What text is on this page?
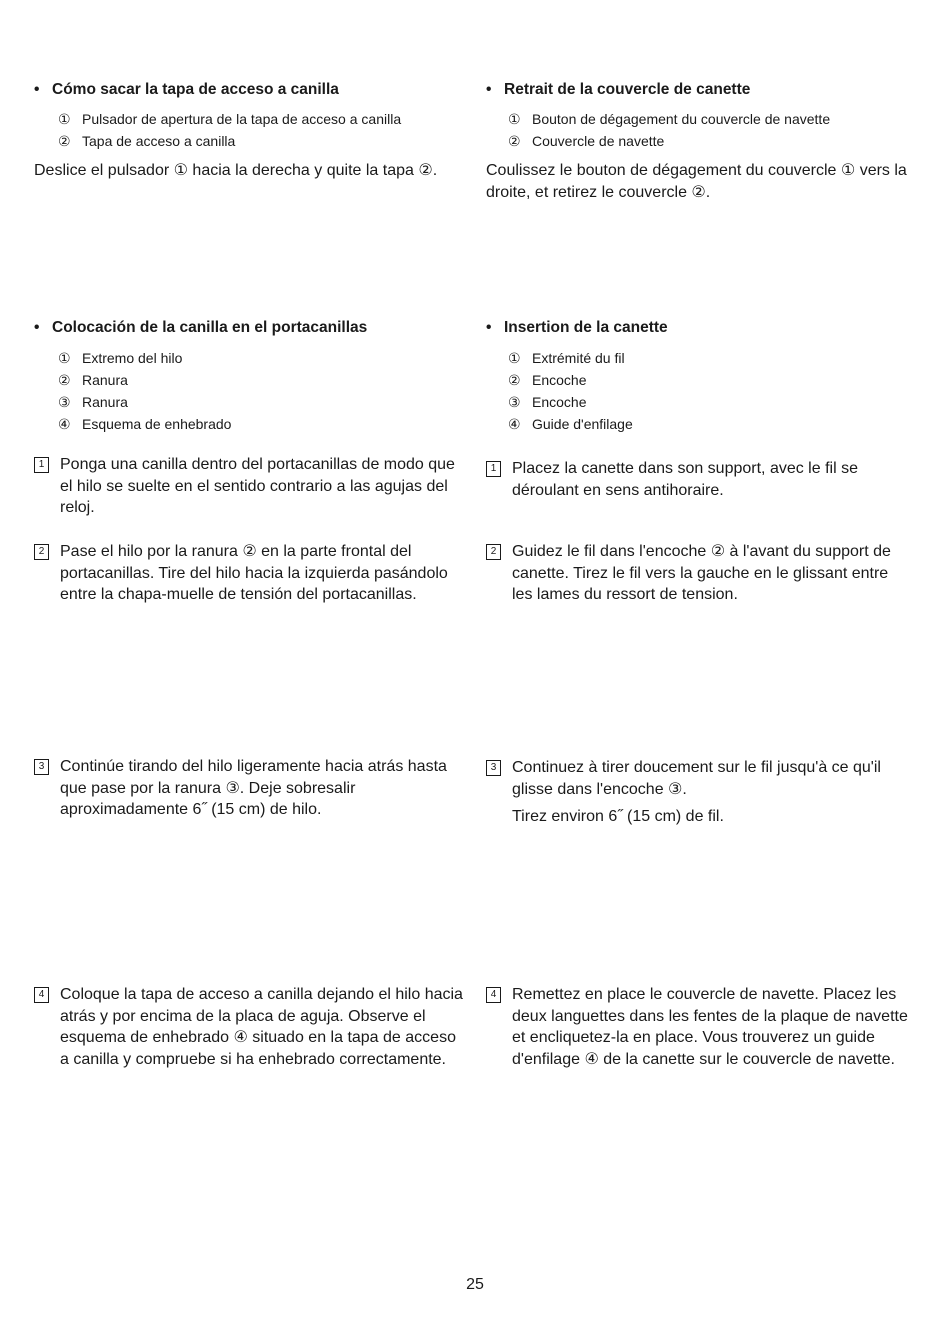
• Cómo sacar la tapa de acceso a canilla
① Pulsador de apertura de la tapa de acceso a canilla
② Tapa de acceso a canilla
Deslice el pulsador ① hacia la derecha y quite la tapa ②.
• Colocación de la canilla en el portacanillas
① Extremo del hilo
② Ranura
③ Ranura
④ Esquema de enhebrado
1 Ponga una canilla dentro del portacanillas de modo que el hilo se suelte en el sentido contrario a las agujas del reloj.
2 Pase el hilo por la ranura ② en la parte frontal del portacanillas. Tire del hilo hacia la izquierda pasándolo entre la chapa-muelle de tensión del portacanillas.
3 Continúe tirando del hilo ligeramente hacia atrás hasta que pase por la ranura ③. Deje sobresalir aproximadamente 6˝ (15 cm) de hilo.
4 Coloque la tapa de acceso a canilla dejando el hilo hacia atrás y por encima de la placa de aguja. Observe el esquema de enhebrado ④ situado en la tapa de acceso a canilla y compruebe si ha enhebrado correctamente.
• Retrait de la couvercle de canette
① Bouton de dégagement du couvercle de navette
② Couvercle de navette
Coulissez le bouton de dégagement du couvercle ① vers la droite, et retirez le couvercle ②.
• Insertion de la canette
① Extrémité du fil
② Encoche
③ Encoche
④ Guide d'enfilage
1 Placez la canette dans son support, avec le fil se déroulant en sens antihoraire.
2 Guidez le fil dans l'encoche ② à l'avant du support de canette. Tirez le fil vers la gauche en le glissant entre les lames du ressort de tension.
3 Continuez à tirer doucement sur le fil jusqu'à ce qu'il glisse dans l'encoche ③.
Tirez environ 6˝ (15 cm) de fil.
4 Remettez en place le couvercle de navette. Placez les deux languettes dans les fentes de la plaque de navette et encliquetez-la en place. Vous trouverez un guide d'enfilage ④ de la canette sur le couvercle de navette.
25
